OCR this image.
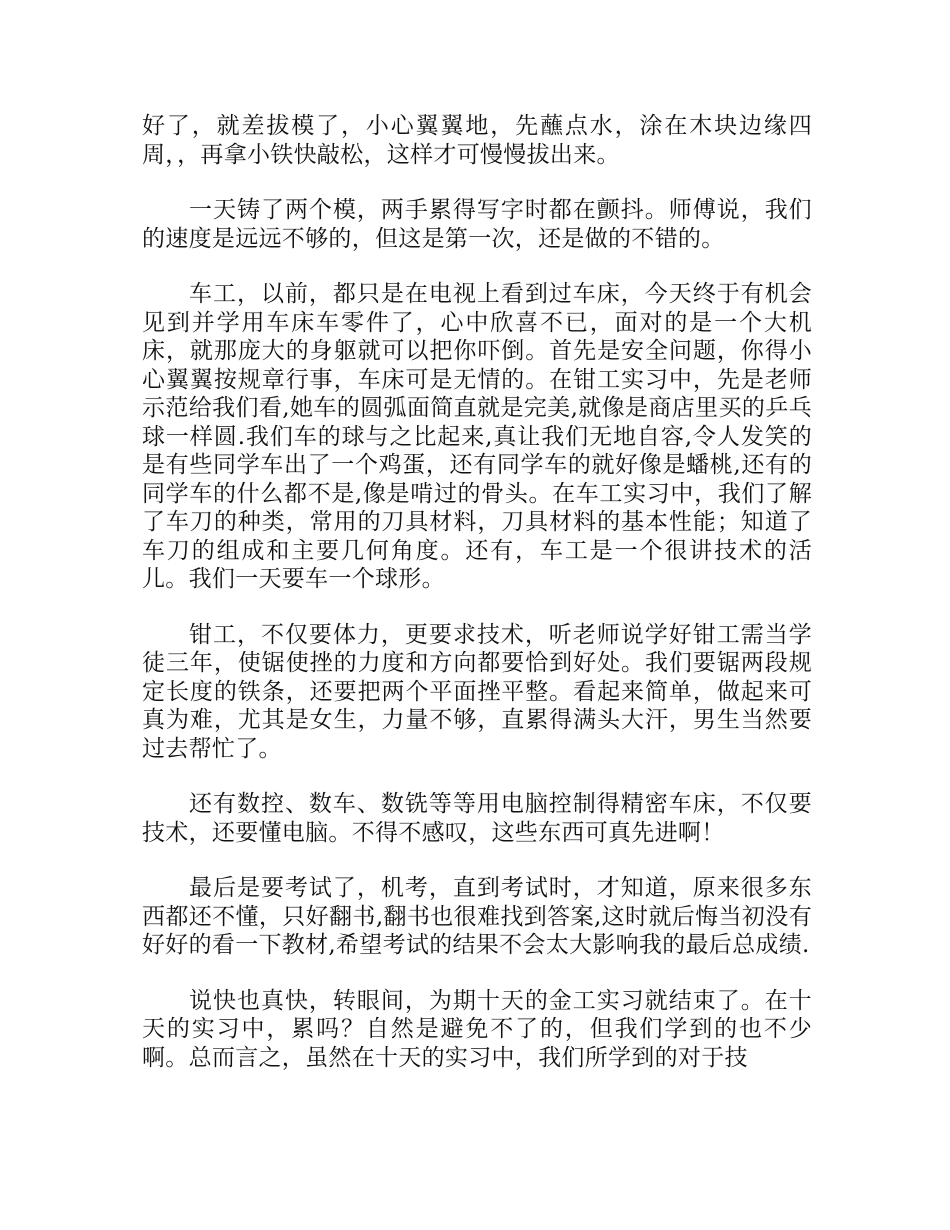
好了，就差拔模了，小心翼翼地，先蘸点水，涂在木块边缘四周，，再拿小铁快敲松，这样才可慢慢拔出来。

一天铸了两个模，两手累得写字时都在颤抖。师傅说，我们的速度是远远不够的，但这是第一次，还是做的不错的。

车工，以前，都只是在电视上看到过车床，今天终于有机会见到并学用车床车零件了，心中欣喜不已，面对的是一个大机床，就那庞大的身躯就可以把你吓倒。首先是安全问题，你得小心翼翼按规章行事，车床可是无情的。在钳工实习中，先是老师示范给我们看,她车的圆弧面简直就是完美,就像是商店里买的乒乓球一样圆.我们车的球与之比起来,真让我们无地自容,令人发笑的是有些同学车出了一个鸡蛋，还有同学车的就好像是蟠桃,还有的同学车的什么都不是,像是啃过的骨头。在车工实习中，我们了解了车刀的种类，常用的刀具材料，刀具材料的基本性能；知道了车刀的组成和主要几何角度。还有，车工是一个很讲技术的活儿。我们一天要车一个球形。

钳工，不仅要体力，更要求技术，听老师说学好钳工需当学徒三年，使锯使挫的力度和方向都要恰到好处。我们要锯两段规定长度的铁条，还要把两个平面挫平整。看起来简单，做起来可真为难，尤其是女生，力量不够，直累得满头大汗，男生当然要过去帮忙了。

还有数控、数车、数铣等等用电脑控制得精密车床，不仅要技术，还要懂电脑。不得不感叹，这些东西可真先进啊！

最后是要考试了，机考，直到考试时，才知道，原来很多东西都还不懂，只好翻书,翻书也很难找到答案,这时就后悔当初没有好好的看一下教材,希望考试的结果不会太大影响我的最后总成绩.

说快也真快，转眼间，为期十天的金工实习就结束了。在十天的实习中，累吗？自然是避免不了的，但我们学到的也不少啊。总而言之，虽然在十天的实习中，我们所学到的对于技
